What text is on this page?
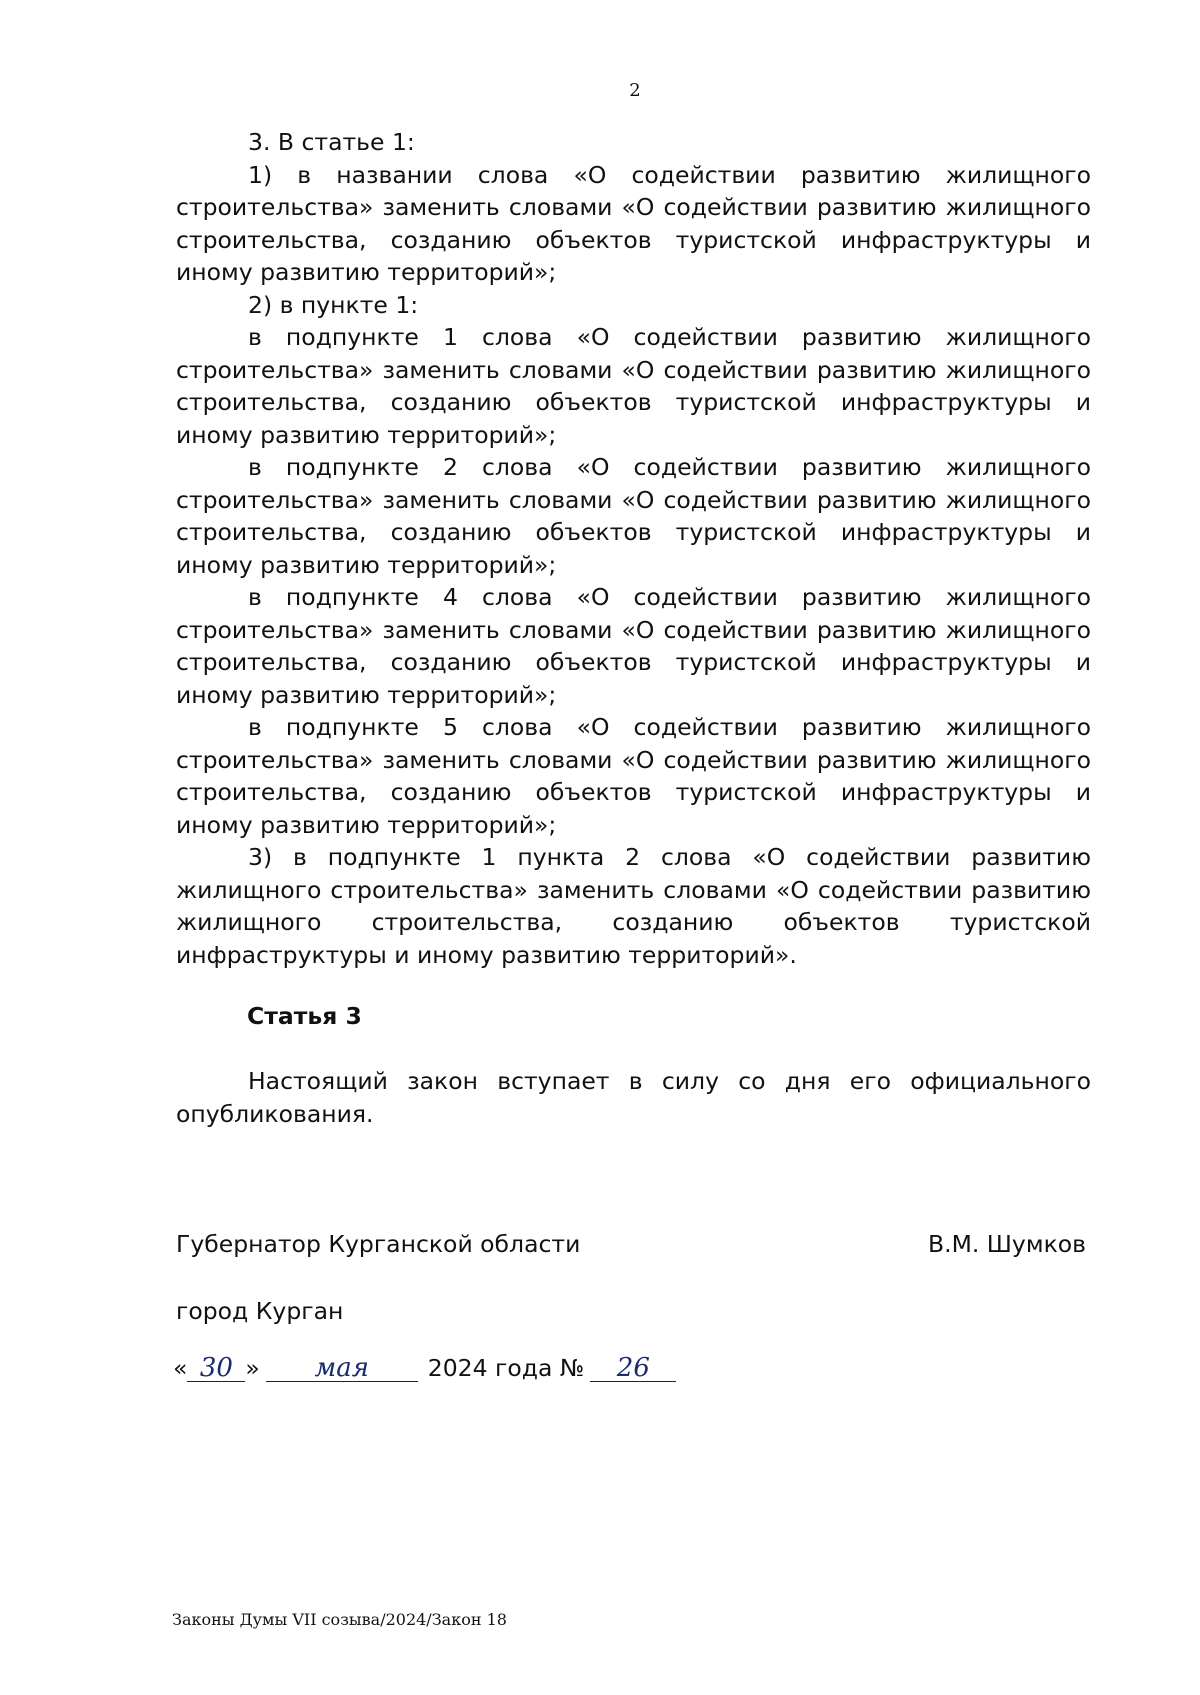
2

3. В статье 1:

1) в названии слова «О содействии развитию жилищного строительства» заменить словами «О содействии развитию жилищного строительства, созданию объектов туристской инфраструктуры и иному развитию территорий»;

2) в пункте 1:

в подпункте 1 слова «О содействии развитию жилищного строительства» заменить словами «О содействии развитию жилищного строительства, созданию объектов туристской инфраструктуры и иному развитию территорий»;

в подпункте 2 слова «О содействии развитию жилищного строительства» заменить словами «О содействии развитию жилищного строительства, созданию объектов туристской инфраструктуры и иному развитию территорий»;

в подпункте 4 слова «О содействии развитию жилищного строительства» заменить словами «О содействии развитию жилищного строительства, созданию объектов туристской инфраструктуры и иному развитию территорий»;

в подпункте 5 слова «О содействии развитию жилищного строительства» заменить словами «О содействии развитию жилищного строительства, созданию объектов туристской инфраструктуры и иному развитию территорий»;

3) в подпункте 1 пункта 2 слова «О содействии развитию жилищного строительства» заменить словами «О содействии развитию жилищного строительства, созданию объектов туристской инфраструктуры и иному развитию территорий».

Статья 3

Настоящий закон вступает в силу со дня его официального опубликования.

Губернатор Курганской области	В.М. Шумков
город Курган
« 30 » мая	2024 года № 26
Законы Думы VII созыва/2024/Закон 18
